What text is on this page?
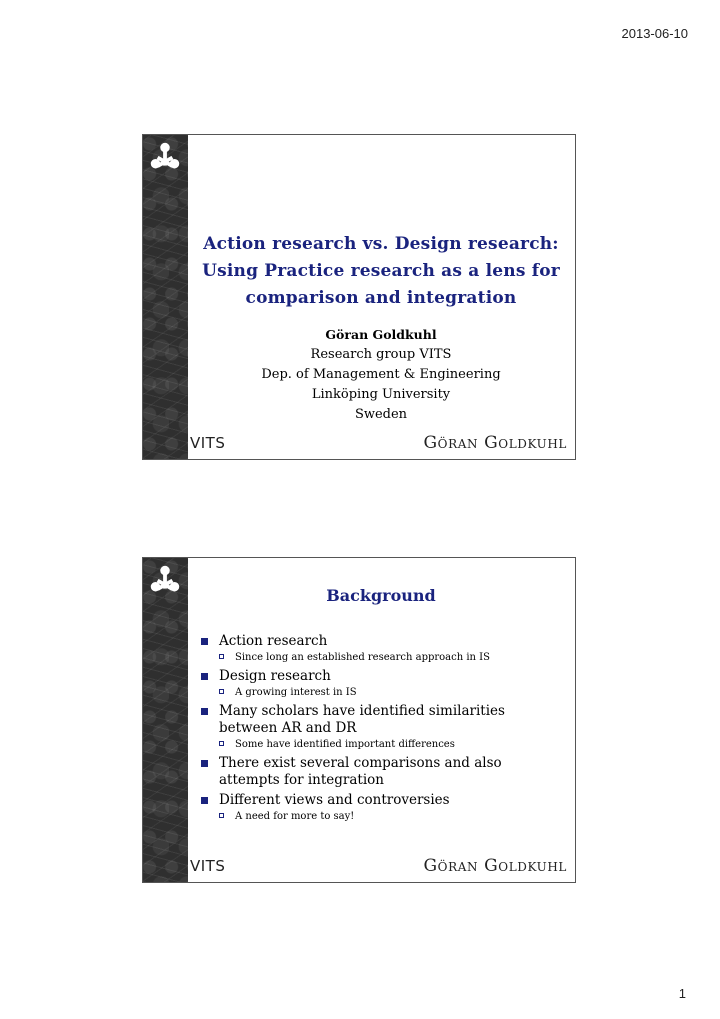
2013-06-10
Action research vs. Design research:
Using Practice research as a lens for
comparison and integration
Göran Goldkuhl
Research group VITS
Dep. of Management & Engineering
Linköping University
Sweden
VITS	Göran Goldkuhl
Background
Action research
Since long an established research approach in IS
Design research
A growing interest in IS
Many scholars have identified similarities
between AR and DR
Some have identified important differences
There exist several comparisons and also
attempts for integration
Different views and controversies
A need for more to say!
VITS	Göran Goldkuhl
1
